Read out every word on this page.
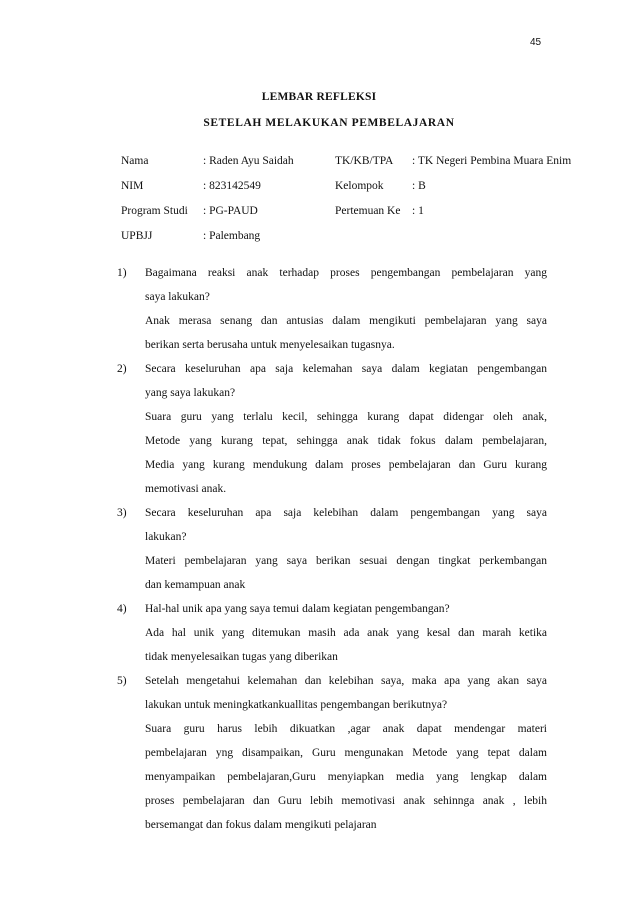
45
LEMBAR REFLEKSI
SETELAH MELAKUKAN PEMBELAJARAN
Nama	: Raden Ayu Saidah	TK/KB/TPA : TK Negeri Pembina Muara Enim
NIM	: 823142549	Kelompok : B
Program Studi : PG-PAUD	Pertemuan Ke : 1
UPBJJ	: Palembang
1) Bagaimana reaksi anak terhadap proses pengembangan pembelajaran yang
saya lakukan?
Anak merasa senang dan antusias dalam mengikuti pembelajaran yang saya
berikan serta berusaha untuk menyelesaikan tugasnya.
2) Secara keseluruhan apa saja kelemahan saya dalam kegiatan pengembangan
yang saya lakukan?
Suara guru yang terlalu kecil, sehingga kurang dapat didengar oleh anak,
Metode yang kurang tepat, sehingga anak tidak fokus dalam pembelajaran,
Media yang kurang mendukung dalam proses pembelajaran dan Guru kurang
memotivasi anak.
3) Secara keseluruhan apa saja kelebihan dalam pengembangan yang saya
lakukan?
Materi pembelajaran yang saya berikan sesuai dengan tingkat perkembangan
dan kemampuan anak
4) Hal-hal unik apa yang saya temui dalam kegiatan pengembangan?
Ada hal unik yang ditemukan masih ada anak yang kesal dan marah ketika
tidak menyelesaikan tugas yang diberikan
5) Setelah mengetahui kelemahan dan kelebihan saya, maka apa yang akan saya
lakukan untuk meningkatkankuallitas pengembangan berikutnya?
Suara guru harus lebih dikuatkan ,agar anak dapat mendengar materi
pembelajaran yng disampaikan, Guru mengunakan Metode yang tepat dalam
menyampaikan pembelajaran,Guru menyiapkan media yang lengkap dalam
proses pembelajaran dan Guru lebih memotivasi anak sehinnga anak , lebih
bersemangat dan fokus dalam mengikuti pelajaran
